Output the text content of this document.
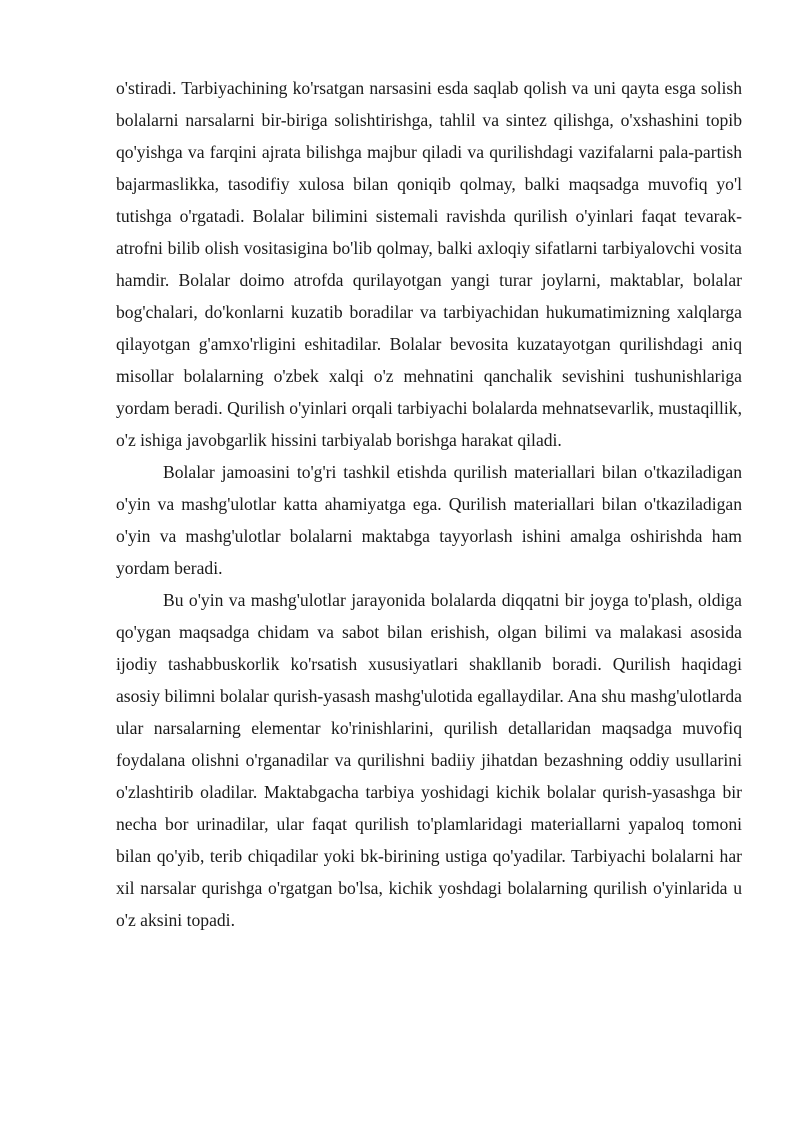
o'stiradi. Tarbiyachining ko'rsatgan narsasini esda saqlab qolish va uni qayta esga solish bolalarni narsalarni bir-biriga solishtirishga, tahlil va sintez qilishga, o'xshashini topib qo'yishga va farqini ajrata bilishga majbur qiladi va qurilishdagi vazifalarni pala-partish bajarmaslikka, tasodifiy xulosa bilan qoniqib qolmay, balki maqsadga muvofiq yo'l tutishga o'rgatadi. Bolalar bilimini sistemali ravishda qurilish o'yinlari faqat tevarak-atrofni bilib olish vositasigina bo'lib qolmay, balki axloqiy sifatlarni tarbiyalovchi vosita hamdir. Bolalar doimo atrofda qurilayotgan yangi turar joylarni, maktablar, bolalar bog'chalari, do'konlarni kuzatib boradilar va tarbiyachidan hukumatimizning xalqlarga qilayotgan g'amxo'rligini eshitadilar. Bolalar bevosita kuzatayotgan qurilishdagi aniq misollar bolalarning o'zbek xalqi o'z mehnatini qanchalik sevishini tushunishlariga yordam beradi. Qurilish o'yinlari orqali tarbiyachi bolalarda mehnatsevarlik, mustaqillik, o'z ishiga javobgarlik hissini tarbiyalab borishga harakat qiladi.

Bolalar jamoasini to'g'ri tashkil etishda qurilish materiallari bilan o'tkaziladigan o'yin va mashg'ulotlar katta ahamiyatga ega. Qurilish materiallari bilan o'tkaziladigan o'yin va mashg'ulotlar bolalarni maktabga tayyorlash ishini amalga oshirishda ham yordam beradi.

Bu o'yin va mashg'ulotlar jarayonida bolalarda diqqatni bir joyga to'plash, oldiga qo'ygan maqsadga chidam va sabot bilan erishish, olgan bilimi va malakasi asosida ijodiy tashabbuskorlik ko'rsatish xususiyatlari shakllanib boradi. Qurilish haqidagi asosiy bilimni bolalar qurish-yasash mashg'ulotida egallaydilar. Ana shu mashg'ulotlarda ular narsalarning elementar ko'rinishlarini, qurilish detallaridan maqsadga muvofiq foydalana olishni o'rganadilar va qurilishni badiiy jihatdan bezashning oddiy usullarini o'zlashtirib oladilar. Maktabgacha tarbiya yoshidagi kichik bolalar qurish-yasashga bir necha bor urinadilar, ular faqat qurilish to'plamlaridagi materiallarni yapaloq tomoni bilan qo'yib, terib chiqadilar yoki bk-birining ustiga qo'yadilar. Tarbiyachi bolalarni har xil narsalar qurishga o'rgatgan bo'lsa, kichik yoshdagi bolalarning qurilish o'yinlarida u o'z aksini topadi.
